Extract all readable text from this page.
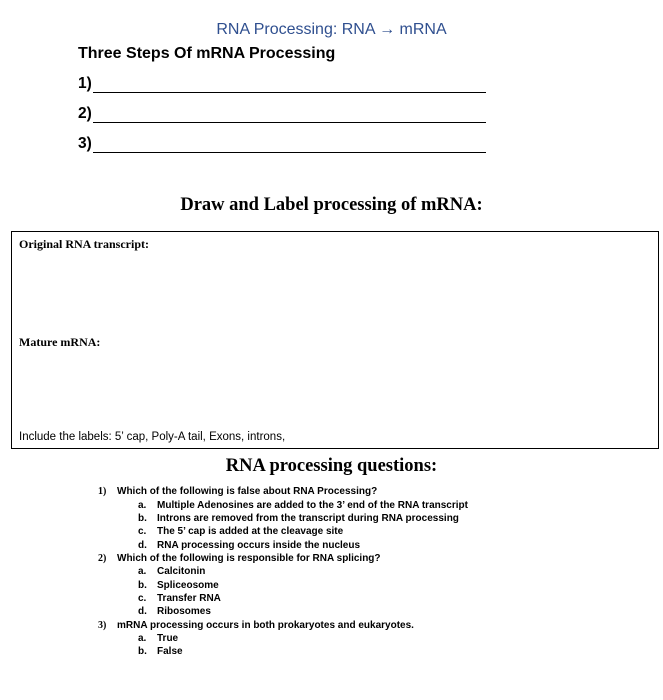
RNA Processing: RNA → mRNA
Three Steps Of mRNA Processing
1)
2)
3)
Draw and Label processing of mRNA:
Original RNA transcript:
Mature mRNA:
Include the labels: 5’ cap, Poly-A tail, Exons, introns,
RNA processing questions:
1) Which of the following is false about RNA Processing?
a. Multiple Adenosines are added to the 3’ end of the RNA transcript
b. Introns are removed from the transcript during RNA processing
c. The 5’ cap is added at the cleavage site
d. RNA processing occurs inside the nucleus
2) Which of the following is responsible for RNA splicing?
a. Calcitonin
b. Spliceosome
c. Transfer RNA
d. Ribosomes
3) mRNA processing occurs in both prokaryotes and eukaryotes.
a. True
b. False
